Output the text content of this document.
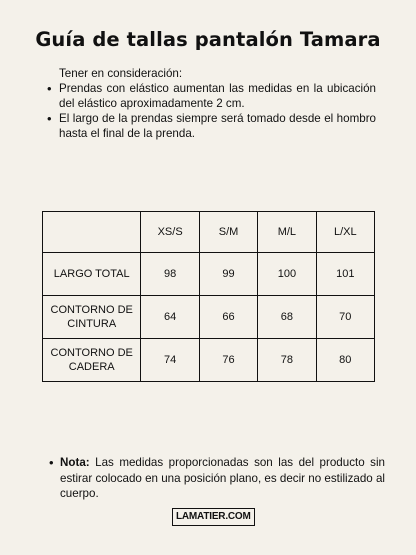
Guía de tallas pantalón Tamara
Tener en consideración:
• Prendas con elástico aumentan las medidas en la ubicación del elástico aproximadamente 2 cm.
• El largo de la prendas siempre será tomado desde el hombro hasta el final de la prenda.
	XS/S	S/M	M/L	L/XL
LARGO TOTAL	98	99	100	101
CONTORNO DE CINTURA	64	66	68	70
CONTORNO DE CADERA	74	76	78	80
• Nota: Las medidas proporcionadas son las del producto sin estirar colocado en una posición plano, es decir no estilizado al cuerpo.
LAMATIER.COM
